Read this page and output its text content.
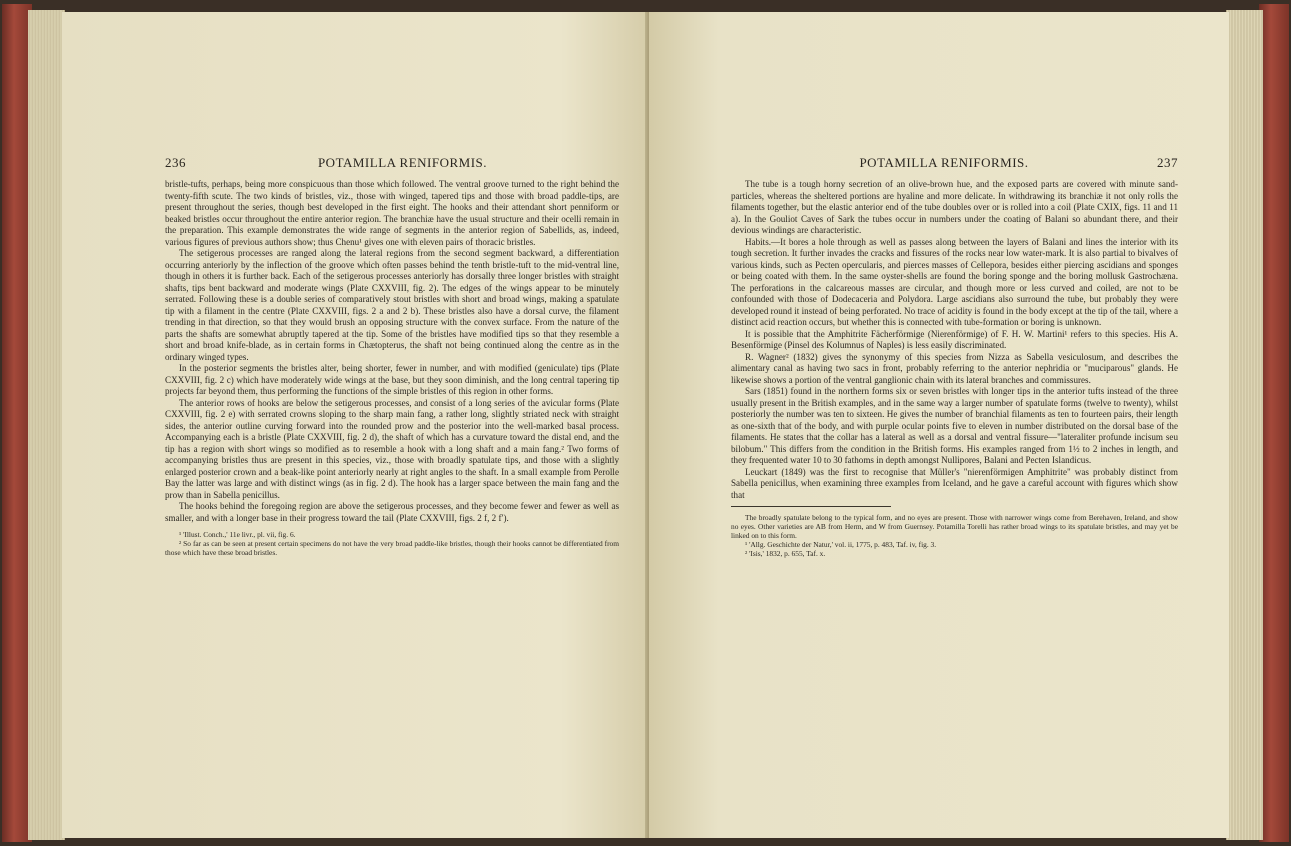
236	POTAMILLA RENIFORMIS.

bristle-tufts, perhaps, being more conspicuous than those which followed. The ventral groove turned to the right behind the twenty-fifth scute. The two kinds of bristles, viz., those with winged, tapered tips and those with broad paddle-tips, are present throughout the series, though best developed in the first eight. The hooks and their attendant short penniform or beaked bristles occur throughout the entire anterior region. The branchiæ have the usual structure and their ocelli remain in the preparation. This example demonstrates the wide range of segments in the anterior region of Sabellids, as, indeed, various figures of previous authors show; thus Chenu¹ gives one with eleven pairs of thoracic bristles.

The setigerous processes are ranged along the lateral regions from the second segment backward, a differentiation occurring anteriorly by the inflection of the groove which often passes behind the tenth bristle-tuft to the mid-ventral line, though in others it is further back. Each of the setigerous processes anteriorly has dorsally three longer bristles with straight shafts, tips bent backward and moderate wings (Plate CXXVIII, fig. 2). The edges of the wings appear to be minutely serrated. Following these is a double series of comparatively stout bristles with short and broad wings, making a spatulate tip with a filament in the centre (Plate CXXVIII, figs. 2 a and 2 b). These bristles also have a dorsal curve, the filament trending in that direction, so that they would brush an opposing structure with the convex surface. From the nature of the parts the shafts are somewhat abruptly tapered at the tip. Some of the bristles have modified tips so that they resemble a short and broad knife-blade, as in certain forms in Chætopterus, the shaft not being continued along the centre as in the ordinary winged types.

In the posterior segments the bristles alter, being shorter, fewer in number, and with modified (geniculate) tips (Plate CXXVIII, fig. 2 c) which have moderately wide wings at the base, but they soon diminish, and the long central tapering tip projects far beyond them, thus performing the functions of the simple bristles of this region in other forms.

The anterior rows of hooks are below the setigerous processes, and consist of a long series of the avicular forms (Plate CXXVIII, fig. 2 e) with serrated crowns sloping to the sharp main fang, a rather long, slightly striated neck with straight sides, the anterior outline curving forward into the rounded prow and the posterior into the well-marked basal process. Accompanying each is a bristle (Plate CXXVIII, fig. 2 d), the shaft of which has a curvature toward the distal end, and the tip has a region with short wings so modified as to resemble a hook with a long shaft and a main fang.² Two forms of accompanying bristles thus are present in this species, viz., those with broadly spatulate tips, and those with a slightly enlarged posterior crown and a beak-like point anteriorly nearly at right angles to the shaft. In a small example from Perolle Bay the latter was large and with distinct wings (as in fig. 2 d). The hook has a larger space between the main fang and the prow than in Sabella penicillus.

The hooks behind the foregoing region are above the setigerous processes, and they become fewer and fewer as well as smaller, and with a longer base in their progress toward the tail (Plate CXXVIII, figs. 2 f, 2 f′).

¹ 'Illust. Conch.,' 11e livr., pl. vii, fig. 6.

² So far as can be seen at present certain specimens do not have the very broad paddle-like bristles, though their hooks cannot be differentiated from those which have these broad bristles.

POTAMILLA RENIFORMIS.	237

The tube is a tough horny secretion of an olive-brown hue, and the exposed parts are covered with minute sand-particles, whereas the sheltered portions are hyaline and more delicate. In withdrawing its branchiæ it not only rolls the filaments together, but the elastic anterior end of the tube doubles over or is rolled into a coil (Plate CXIX, figs. 11 and 11 a). In the Gouliot Caves of Sark the tubes occur in numbers under the coating of Balani so abundant there, and their devious windings are characteristic.

Habits.—It bores a hole through as well as passes along between the layers of Balani and lines the interior with its tough secretion. It further invades the cracks and fissures of the rocks near low water-mark. It is also partial to bivalves of various kinds, such as Pecten opercularis, and pierces masses of Cellepora, besides either piercing ascidians and sponges or being coated with them. In the same oyster-shells are found the boring sponge and the boring mollusk Gastrochæna. The perforations in the calcareous masses are circular, and though more or less curved and coiled, are not to be confounded with those of Dodecaceria and Polydora. Large ascidians also surround the tube, but probably they were developed round it instead of being perforated. No trace of acidity is found in the body except at the tip of the tail, where a distinct acid reaction occurs, but whether this is connected with tube-formation or boring is unknown.

It is possible that the Amphitrite Fächerförmige (Nierenförmige) of F. H. W. Martini¹ refers to this species. His A. Besenförmige (Pinsel des Kolumnus of Naples) is less easily discriminated.

R. Wagner² (1832) gives the synonymy of this species from Nizza as Sabella vesiculosum, and describes the alimentary canal as having two sacs in front, probably referring to the anterior nephridia or "muciparous" glands. He likewise shows a portion of the ventral ganglionic chain with its lateral branches and commissures.

Sars (1851) found in the northern forms six or seven bristles with longer tips in the anterior tufts instead of the three usually present in the British examples, and in the same way a larger number of spatulate forms (twelve to twenty), whilst posteriorly the number was ten to sixteen. He gives the number of branchial filaments as ten to fourteen pairs, their length as one-sixth that of the body, and with purple ocular points five to eleven in number distributed on the dorsal base of the filaments. He states that the collar has a lateral as well as a dorsal and ventral fissure—"lateraliter profunde incisum seu bilobum." This differs from the condition in the British forms. His examples ranged from 1½ to 2 inches in length, and they frequented water 10 to 30 fathoms in depth amongst Nullipores, Balani and Pecten Islandicus.

Leuckart (1849) was the first to recognise that Müller's "nierenförmigen Amphitrite" was probably distinct from Sabella penicillus, when examining three examples from Iceland, and he gave a careful account with figures which show that

The broadly spatulate belong to the typical form, and no eyes are present. Those with narrower wings come from Berehaven, Ireland, and show no eyes. Other varieties are AB from Herm, and W from Guernsey. Potamilla Torelli has rather broad wings to its spatulate bristles, and may yet be linked on to this form.

¹ 'Allg. Geschichte der Natur,' vol. ii, 1775, p. 483, Taf. iv, fig. 3.

² 'Isis,' 1832, p. 655, Taf. x.
